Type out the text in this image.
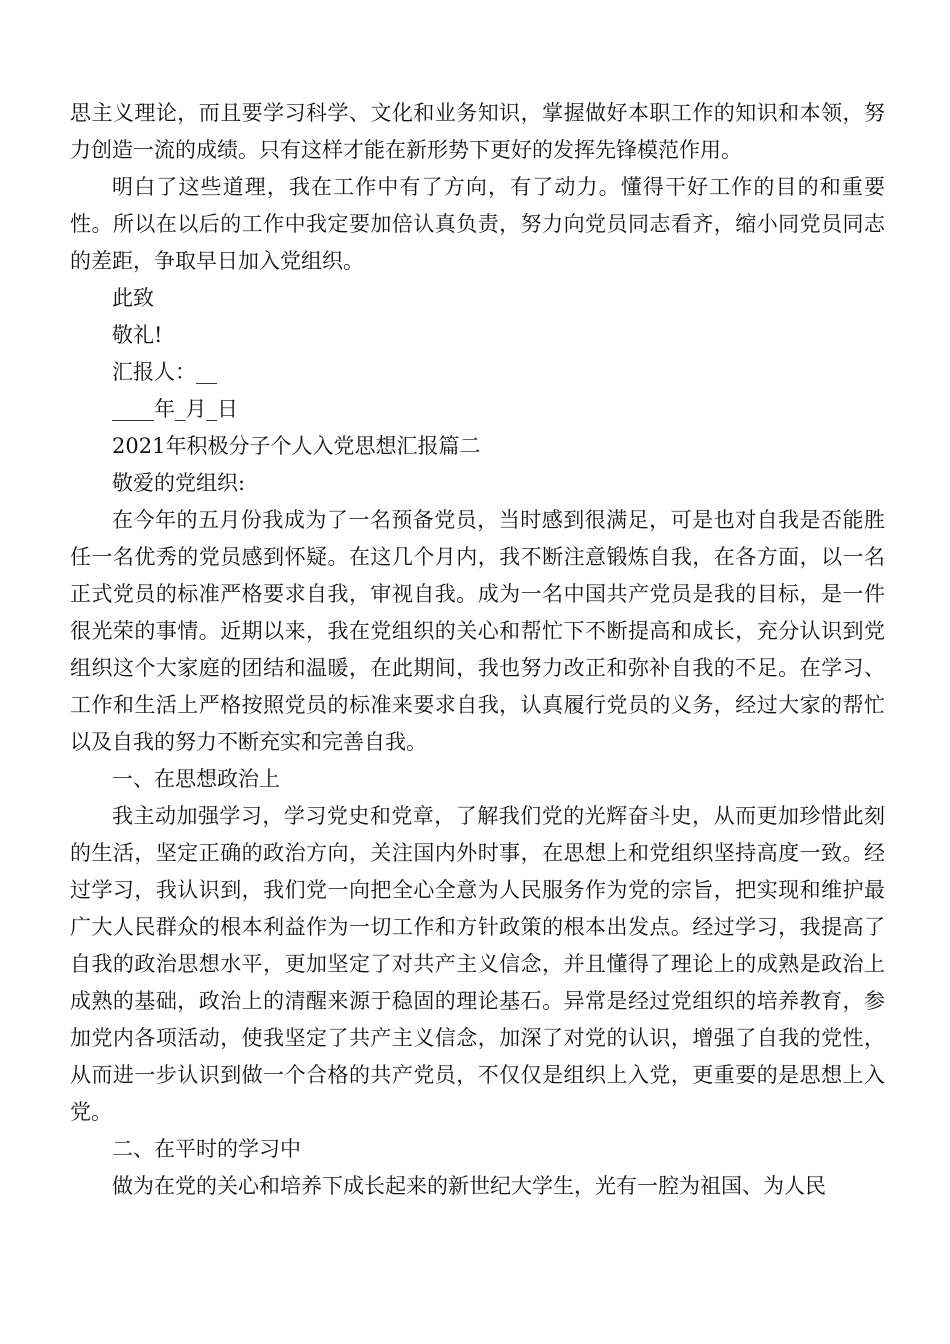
思主义理论，而且要学习科学、文化和业务知识，掌握做好本职工作的知识和本领，努力创造一流的成绩。只有这样才能在新形势下更好的发挥先锋模范作用。

明白了这些道理，我在工作中有了方向，有了动力。懂得干好工作的目的和重要性。所以在以后的工作中我定要加倍认真负责，努力向党员同志看齐，缩小同党员同志的差距，争取早日加入党组织。

此致

敬礼!

汇报人：__

____年_月_日

2021年积极分子个人入党思想汇报篇二

敬爱的党组织:

在今年的五月份我成为了一名预备党员，当时感到很满足，可是也对自我是否能胜任一名优秀的党员感到怀疑。在这几个月内，我不断注意锻炼自我，在各方面，以一名正式党员的标准严格要求自我，审视自我。成为一名中国共产党员是我的目标，是一件很光荣的事情。近期以来，我在党组织的关心和帮忙下不断提高和成长，充分认识到党组织这个大家庭的团结和温暖，在此期间，我也努力改正和弥补自我的不足。在学习、工作和生活上严格按照党员的标准来要求自我，认真履行党员的义务，经过大家的帮忙以及自我的努力不断充实和完善自我。

一、在思想政治上

我主动加强学习，学习党史和党章，了解我们党的光辉奋斗史，从而更加珍惜此刻的生活，坚定正确的政治方向，关注国内外时事，在思想上和党组织坚持高度一致。经过学习，我认识到，我们党一向把全心全意为人民服务作为党的宗旨，把实现和维护最广大人民群众的根本利益作为一切工作和方针政策的根本出发点。经过学习，我提高了自我的政治思想水平，更加坚定了对共产主义信念，并且懂得了理论上的成熟是政治上成熟的基础，政治上的清醒来源于稳固的理论基石。异常是经过党组织的培养教育，参加党内各项活动，使我坚定了共产主义信念，加深了对党的认识，增强了自我的党性，从而进一步认识到做一个合格的共产党员，不仅仅是组织上入党，更重要的是思想上入党。

二、在平时的学习中

做为在党的关心和培养下成长起来的新世纪大学生，光有一腔为祖国、为人民
